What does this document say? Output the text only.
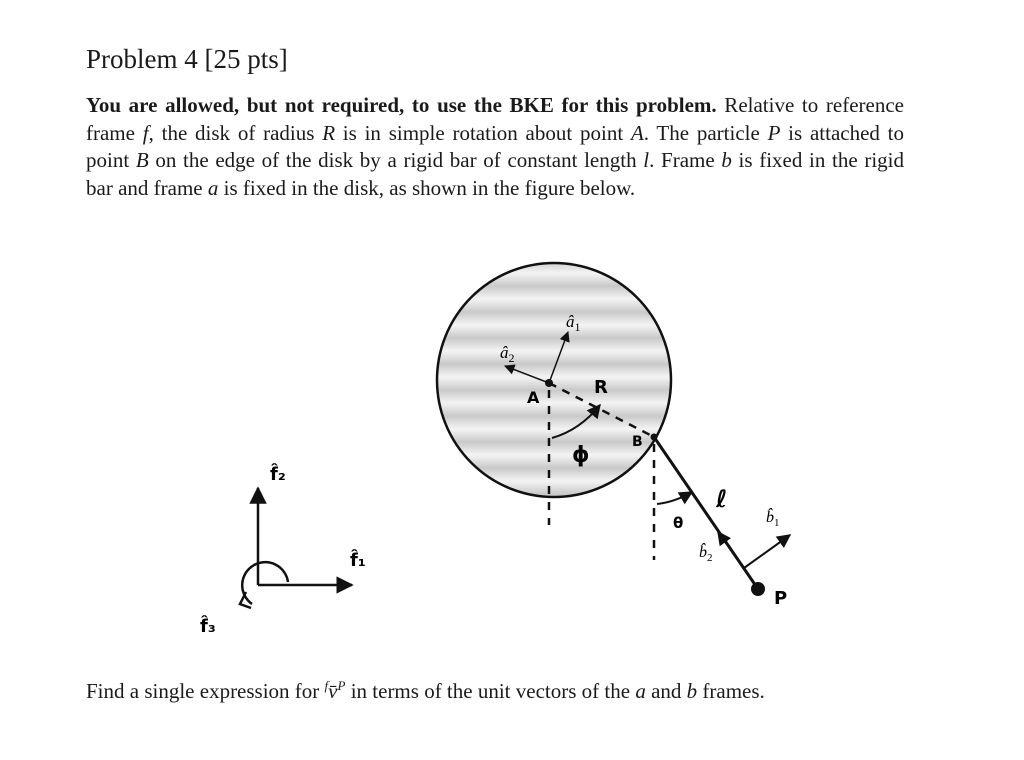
Problem 4 [25 pts]
You are allowed, but not required, to use the BKE for this problem. Relative to reference frame f, the disk of radius R is in simple rotation about point A. The particle P is attached to point B on the edge of the disk by a rigid bar of constant length l. Frame b is fixed in the rigid bar and frame a is fixed in the disk, as shown in the figure below.
f̂₂
f̂₁
f̂₃
$â_1$
$â_2$
A	R
ϕ
B
θ
ℓ
$b̂_2$
$b̂_1$
P
Find a single expression for $^f$v̄$^P$ in terms of the unit vectors of the a and b frames.
